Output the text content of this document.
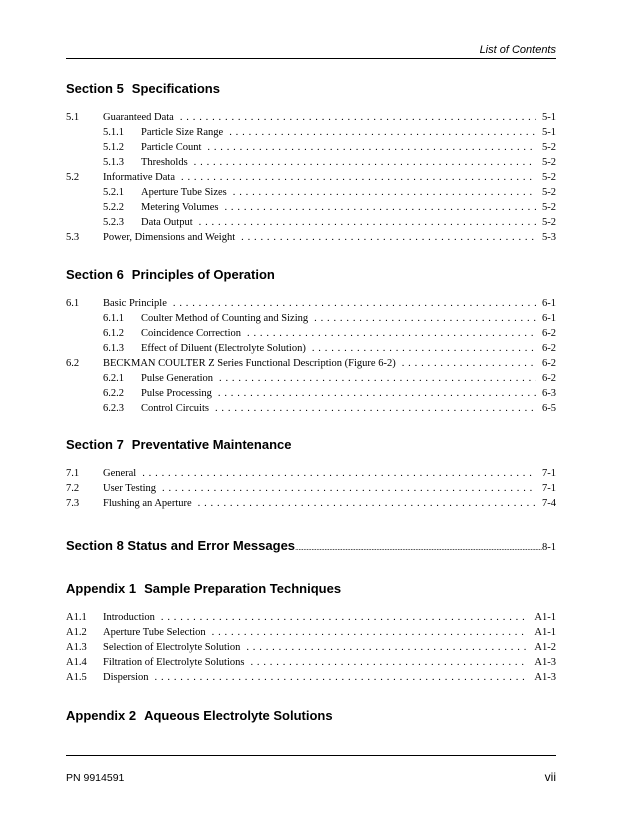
List of Contents
Section 5 Specifications
5.1	Guaranteed Data . . .	5-1
5.1.1	Particle Size Range . . .	5-1
5.1.2	Particle Count . . .	5-2
5.1.3	Thresholds . . .	5-2
5.2	Informative Data . . .	5-2
5.2.1	Aperture Tube Sizes . . .	5-2
5.2.2	Metering Volumes . . .	5-2
5.2.3	Data Output . . .	5-2
5.3	Power, Dimensions and Weight . . .	5-3
Section 6 Principles of Operation
6.1	Basic Principle . . .	6-1
6.1.1	Coulter Method of Counting and Sizing . . .	6-1
6.1.2	Coincidence Correction . . .	6-2
6.1.3	Effect of Diluent (Electrolyte Solution) . . .	6-2
6.2	BECKMAN COULTER Z Series Functional Description (Figure 6-2) . . .	6-2
6.2.1	Pulse Generation . . .	6-2
6.2.2	Pulse Processing . . .	6-3
6.2.3	Control Circuits . . .	6-5
Section 7 Preventative Maintenance
7.1	General . . .	7-1
7.2	User Testing . . .	7-1
7.3	Flushing an Aperture . . .	7-4
Section 8 Status and Error Messages .....	8-1
Appendix 1 Sample Preparation Techniques
A1.1	Introduction . . .	A1-1
A1.2	Aperture Tube Selection . . .	A1-1
A1.3	Selection of Electrolyte Solution . . .	A1-2
A1.4	Filtration of Electrolyte Solutions . . .	A1-3
A1.5	Dispersion . . .	A1-3
Appendix 2 Aqueous Electrolyte Solutions
PN 9914591	vii
